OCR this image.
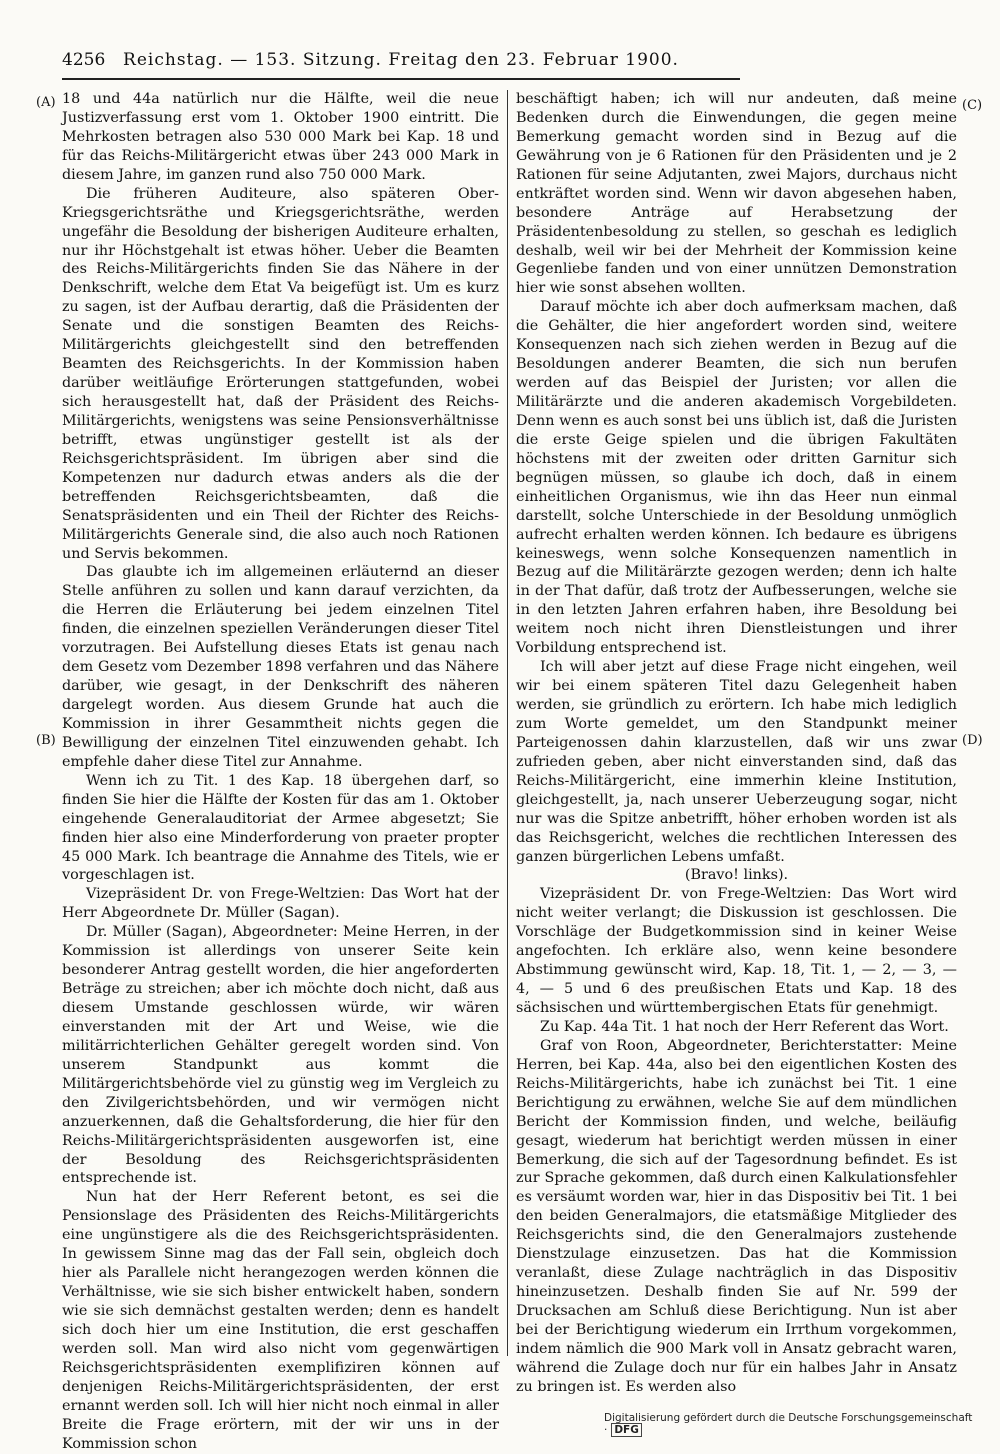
4256	Reichstag. — 153. Sitzung. Freitag den 23. Februar 1900.
(A)
(B)
(C)
(D)

18 und 44a natürlich nur die Hälfte, weil die neue Justizverfassung erst vom 1. Oktober 1900 eintritt. Die Mehrkosten betragen also 530 000 Mark bei Kap. 18 und für das Reichs-Militärgericht etwas über 243 000 Mark in diesem Jahre, im ganzen rund also 750 000 Mark.

Die früheren Auditeure, also späteren Ober-Kriegsgerichtsräthe und Kriegsgerichtsräthe, werden ungefähr die Besoldung der bisherigen Auditeure erhalten, nur ihr Höchstgehalt ist etwas höher. Ueber die Beamten des Reichs-Militärgerichts finden Sie das Nähere in der Denkschrift, welche dem Etat Va beigefügt ist. Um es kurz zu sagen, ist der Aufbau derartig, daß die Präsidenten der Senate und die sonstigen Beamten des Reichs-Militärgerichts gleichgestellt sind den betreffenden Beamten des Reichsgerichts. In der Kommission haben darüber weitläufige Erörterungen stattgefunden, wobei sich herausgestellt hat, daß der Präsident des Reichs-Militärgerichts, wenigstens was seine Pensionsverhältnisse betrifft, etwas ungünstiger gestellt ist als der Reichsgerichtspräsident. Im übrigen aber sind die Kompetenzen nur dadurch etwas anders als die der betreffenden Reichsgerichtsbeamten, daß die Senatspräsidenten und ein Theil der Richter des Reichs-Militärgerichts Generale sind, die also auch noch Rationen und Servis bekommen.

Das glaubte ich im allgemeinen erläuternd an dieser Stelle anführen zu sollen und kann darauf verzichten, da die Herren die Erläuterung bei jedem einzelnen Titel finden, die einzelnen speziellen Veränderungen dieser Titel vorzutragen. Bei Aufstellung dieses Etats ist genau nach dem Gesetz vom Dezember 1898 verfahren und das Nähere darüber, wie gesagt, in der Denkschrift des näheren dargelegt worden. Aus diesem Grunde hat auch die Kommission in ihrer Gesammtheit nichts gegen die Bewilligung der einzelnen Titel einzuwenden gehabt. Ich empfehle daher diese Titel zur Annahme.

Wenn ich zu Tit. 1 des Kap. 18 übergehen darf, so finden Sie hier die Hälfte der Kosten für das am 1. Oktober eingehende Generalauditoriat der Armee abgesetzt; Sie finden hier also eine Minderforderung von praeter propter 45 000 Mark. Ich beantrage die Annahme des Titels, wie er vorgeschlagen ist.

Vizepräsident Dr. von Frege-Weltzien: Das Wort hat der Herr Abgeordnete Dr. Müller (Sagan).

Dr. Müller (Sagan), Abgeordneter: Meine Herren, in der Kommission ist allerdings von unserer Seite kein besonderer Antrag gestellt worden, die hier angeforderten Beträge zu streichen; aber ich möchte doch nicht, daß aus diesem Umstande geschlossen würde, wir wären einverstanden mit der Art und Weise, wie die militärrichterlichen Gehälter geregelt worden sind. Von unserem Standpunkt aus kommt die Militärgerichtsbehörde viel zu günstig weg im Vergleich zu den Zivilgerichtsbehörden, und wir vermögen nicht anzuerkennen, daß die Gehaltsforderung, die hier für den Reichs-Militärgerichtspräsidenten ausgeworfen ist, eine der Besoldung des Reichsgerichtspräsidenten entsprechende ist.

Nun hat der Herr Referent betont, es sei die Pensionslage des Präsidenten des Reichs-Militärgerichts eine ungünstigere als die des Reichsgerichtspräsidenten. In gewissem Sinne mag das der Fall sein, obgleich doch hier als Parallele nicht herangezogen werden können die Verhältnisse, wie sie sich bisher entwickelt haben, sondern wie sie sich demnächst gestalten werden; denn es handelt sich doch hier um eine Institution, die erst geschaffen werden soll. Man wird also nicht vom gegenwärtigen Reichsgerichtspräsidenten exemplifiziren können auf denjenigen Reichs-Militärgerichtspräsidenten, der erst ernannt werden soll. Ich will hier nicht noch einmal in aller Breite die Frage erörtern, mit der wir uns in der Kommission schon

beschäftigt haben; ich will nur andeuten, daß meine Bedenken durch die Einwendungen, die gegen meine Bemerkung gemacht worden sind in Bezug auf die Gewährung von je 6 Rationen für den Präsidenten und je 2 Rationen für seine Adjutanten, zwei Majors, durchaus nicht entkräftet worden sind. Wenn wir davon abgesehen haben, besondere Anträge auf Herabsetzung der Präsidentenbesoldung zu stellen, so geschah es lediglich deshalb, weil wir bei der Mehrheit der Kommission keine Gegenliebe fanden und von einer unnützen Demonstration hier wie sonst absehen wollten.

Darauf möchte ich aber doch aufmerksam machen, daß die Gehälter, die hier angefordert worden sind, weitere Konsequenzen nach sich ziehen werden in Bezug auf die Besoldungen anderer Beamten, die sich nun berufen werden auf das Beispiel der Juristen; vor allen die Militärärzte und die anderen akademisch Vorgebildeten. Denn wenn es auch sonst bei uns üblich ist, daß die Juristen die erste Geige spielen und die übrigen Fakultäten höchstens mit der zweiten oder dritten Garnitur sich begnügen müssen, so glaube ich doch, daß in einem einheitlichen Organismus, wie ihn das Heer nun einmal darstellt, solche Unterschiede in der Besoldung unmöglich aufrecht erhalten werden können. Ich bedaure es übrigens keineswegs, wenn solche Konsequenzen namentlich in Bezug auf die Militärärzte gezogen werden; denn ich halte in der That dafür, daß trotz der Aufbesserungen, welche sie in den letzten Jahren erfahren haben, ihre Besoldung bei weitem noch nicht ihren Dienstleistungen und ihrer Vorbildung entsprechend ist.

Ich will aber jetzt auf diese Frage nicht eingehen, weil wir bei einem späteren Titel dazu Gelegenheit haben werden, sie gründlich zu erörtern. Ich habe mich lediglich zum Worte gemeldet, um den Standpunkt meiner Parteigenossen dahin klarzustellen, daß wir uns zwar zufrieden geben, aber nicht einverstanden sind, daß das Reichs-Militärgericht, eine immerhin kleine Institution, gleichgestellt, ja, nach unserer Ueberzeugung sogar, nicht nur was die Spitze anbetrifft, höher erhoben worden ist als das Reichsgericht, welches die rechtlichen Interessen des ganzen bürgerlichen Lebens umfaßt.

(Bravo! links).

Vizepräsident Dr. von Frege-Weltzien: Das Wort wird nicht weiter verlangt; die Diskussion ist geschlossen. Die Vorschläge der Budgetkommission sind in keiner Weise angefochten. Ich erkläre also, wenn keine besondere Abstimmung gewünscht wird, Kap. 18, Tit. 1, — 2, — 3, — 4, — 5 und 6 des preußischen Etats und Kap. 18 des sächsischen und württembergischen Etats für genehmigt.

Zu Kap. 44a Tit. 1 hat noch der Herr Referent das Wort.

Graf von Roon, Abgeordneter, Berichterstatter: Meine Herren, bei Kap. 44a, also bei den eigentlichen Kosten des Reichs-Militärgerichts, habe ich zunächst bei Tit. 1 eine Berichtigung zu erwähnen, welche Sie auf dem mündlichen Bericht der Kommission finden, und welche, beiläufig gesagt, wiederum hat berichtigt werden müssen in einer Bemerkung, die sich auf der Tagesordnung befindet. Es ist zur Sprache gekommen, daß durch einen Kalkulationsfehler es versäumt worden war, hier in das Dispositiv bei Tit. 1 bei den beiden Generalmajors, die etatsmäßige Mitglieder des Reichsgerichts sind, die den Generalmajors zustehende Dienstzulage einzusetzen. Das hat die Kommission veranlaßt, diese Zulage nachträglich in das Dispositiv hineinzusetzen. Deshalb finden Sie auf Nr. 599 der Drucksachen am Schluß diese Berichtigung. Nun ist aber bei der Berichtigung wiederum ein Irrthum vorgekommen, indem nämlich die 900 Mark voll in Ansatz gebracht waren, während die Zulage doch nur für ein halbes Jahr in Ansatz zu bringen ist. Es werden also

Digitalisierung gefördert durch die Deutsche Forschungsgemeinschaft · DFG
